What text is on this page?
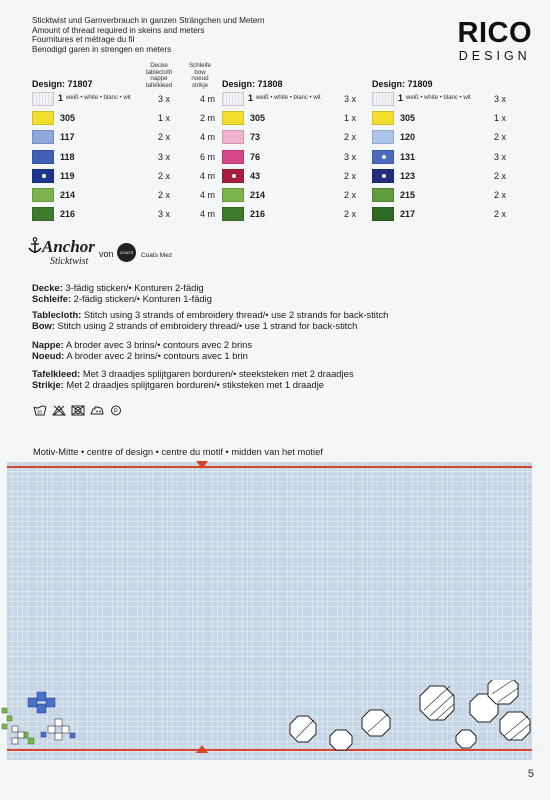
Sticktwist und Garnverbrauch in ganzen Strängchen und Metern
Amount of thread required in skeins and meters
Fournitures et métrage du fil
Benodigd garen in strengen en meters
RICO
DESIGN
Decke
tablecloth
nappe
tafelkleed
Schleife
bow
noeud
strikje
Design: 71807
1 weiß • white • blanc • wit	3 x	4 m
305	1 x	2 m
117	2 x	4 m
118	3 x	6 m
119	2 x	4 m
214	2 x	4 m
216	3 x	4 m
Design: 71808
1 weiß • white • blanc • wit	3 x
305	1 x
73	2 x
76	3 x
43	2 x
214	2 x
216	2 x
Design: 71809
1 weiß • white • blanc • wit	3 x
305	1 x
120	2 x
131	3 x
123	2 x
215	2 x
217	2 x
Anchor
Sticktwist
von	COATS	Coats Mez
Decke: 3-fädig sticken/• Konturen 2-fädig
Schleife: 2-fädig sticken/• Konturen 1-fädig
Tablecloth: Stitch using 3 strands of embroidery thread/• use 2 strands for back-stitch
Bow: Stitch using 2 strands of embroidery thread/• use 1 strand for back-stitch
Nappe: A broder avec 3 brins/• contours avec 2 brins
Noeud: A broder avec 2 brins/• contours avec 1 brin
Tafelkleed: Met 3 draadjes splijtgaren borduren/• steeksteken met 2 draadjes
Strikje: Met 2 draadjes splijtgaren borduren/• stiksteken met 1 draadje
30	P
Motiv-Mitte • centre of design • centre du motif • midden van het motief
5
